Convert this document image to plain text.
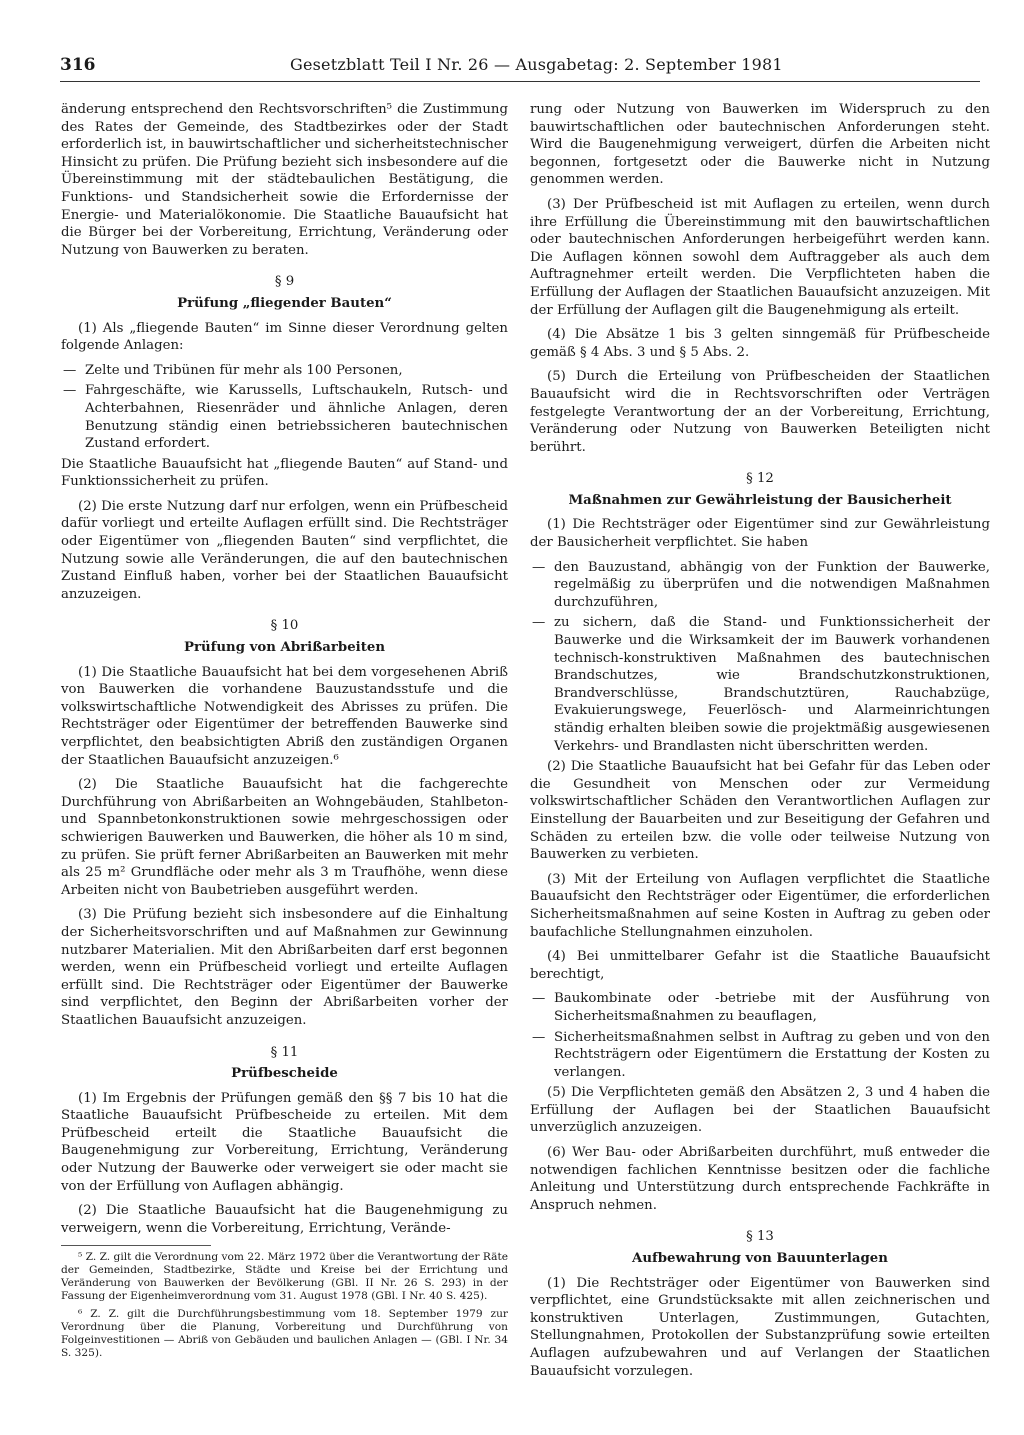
316	Gesetzblatt Teil I Nr. 26 — Ausgabetag: 2. September 1981

änderung entsprechend den Rechtsvorschriften⁵ die Zustimmung des Rates der Gemeinde, des Stadtbezirkes oder der Stadt erforderlich ist, in bauwirtschaftlicher und sicherheitstechnischer Hinsicht zu prüfen. Die Prüfung bezieht sich insbesondere auf die Übereinstimmung mit der städtebaulichen Bestätigung, die Funktions- und Standsicherheit sowie die Erfordernisse der Energie- und Materialökonomie. Die Staatliche Bauaufsicht hat die Bürger bei der Vorbereitung, Errichtung, Veränderung oder Nutzung von Bauwerken zu beraten.

§ 9
Prüfung „fliegender Bauten“

(1) Als „fliegende Bauten“ im Sinne dieser Verordnung gelten folgende Anlagen:

— Zelte und Tribünen für mehr als 100 Personen,
— Fahrgeschäfte, wie Karussells, Luftschaukeln, Rutsch- und Achterbahnen, Riesenräder und ähnliche Anlagen, deren Benutzung ständig einen betriebssicheren bautechnischen Zustand erfordert.

Die Staatliche Bauaufsicht hat „fliegende Bauten“ auf Stand- und Funktionssicherheit zu prüfen.

(2) Die erste Nutzung darf nur erfolgen, wenn ein Prüfbescheid dafür vorliegt und erteilte Auflagen erfüllt sind. Die Rechtsträger oder Eigentümer von „fliegenden Bauten“ sind verpflichtet, die Nutzung sowie alle Veränderungen, die auf den bautechnischen Zustand Einfluß haben, vorher bei der Staatlichen Bauaufsicht anzuzeigen.

§ 10
Prüfung von Abrißarbeiten

(1) Die Staatliche Bauaufsicht hat bei dem vorgesehenen Abriß von Bauwerken die vorhandene Bauzustandsstufe und die volkswirtschaftliche Notwendigkeit des Abrisses zu prüfen. Die Rechtsträger oder Eigentümer der betreffenden Bauwerke sind verpflichtet, den beabsichtigten Abriß den zuständigen Organen der Staatlichen Bauaufsicht anzuzeigen.⁶

(2) Die Staatliche Bauaufsicht hat die fachgerechte Durchführung von Abrißarbeiten an Wohngebäuden, Stahlbeton- und Spannbetonkonstruktionen sowie mehrgeschossigen oder schwierigen Bauwerken und Bauwerken, die höher als 10 m sind, zu prüfen. Sie prüft ferner Abrißarbeiten an Bauwerken mit mehr als 25 m² Grundfläche oder mehr als 3 m Traufhöhe, wenn diese Arbeiten nicht von Baubetrieben ausgeführt werden.

(3) Die Prüfung bezieht sich insbesondere auf die Einhaltung der Sicherheitsvorschriften und auf Maßnahmen zur Gewinnung nutzbarer Materialien. Mit den Abrißarbeiten darf erst begonnen werden, wenn ein Prüfbescheid vorliegt und erteilte Auflagen erfüllt sind. Die Rechtsträger oder Eigentümer der Bauwerke sind verpflichtet, den Beginn der Abrißarbeiten vorher der Staatlichen Bauaufsicht anzuzeigen.

§ 11
Prüfbescheide

(1) Im Ergebnis der Prüfungen gemäß den §§ 7 bis 10 hat die Staatliche Bauaufsicht Prüfbescheide zu erteilen. Mit dem Prüfbescheid erteilt die Staatliche Bauaufsicht die Baugenehmigung zur Vorbereitung, Errichtung, Veränderung oder Nutzung der Bauwerke oder verweigert sie oder macht sie von der Erfüllung von Auflagen abhängig.

(2) Die Staatliche Bauaufsicht hat die Baugenehmigung zu verweigern, wenn die Vorbereitung, Errichtung, Verände-

⁵ Z. Z. gilt die Verordnung vom 22. März 1972 über die Verantwortung der Räte der Gemeinden, Stadtbezirke, Städte und Kreise bei der Errichtung und Veränderung von Bauwerken der Bevölkerung (GBl. II Nr. 26 S. 293) in der Fassung der Eigenheimverordnung vom 31. August 1978 (GBl. I Nr. 40 S. 425).

⁶ Z. Z. gilt die Durchführungsbestimmung vom 18. September 1979 zur Verordnung über die Planung, Vorbereitung und Durchführung von Folgeinvestitionen — Abriß von Gebäuden und baulichen Anlagen — (GBl. I Nr. 34 S. 325).

rung oder Nutzung von Bauwerken im Widerspruch zu den bauwirtschaftlichen oder bautechnischen Anforderungen steht. Wird die Baugenehmigung verweigert, dürfen die Arbeiten nicht begonnen, fortgesetzt oder die Bauwerke nicht in Nutzung genommen werden.

(3) Der Prüfbescheid ist mit Auflagen zu erteilen, wenn durch ihre Erfüllung die Übereinstimmung mit den bauwirtschaftlichen oder bautechnischen Anforderungen herbeigeführt werden kann. Die Auflagen können sowohl dem Auftraggeber als auch dem Auftragnehmer erteilt werden. Die Verpflichteten haben die Erfüllung der Auflagen der Staatlichen Bauaufsicht anzuzeigen. Mit der Erfüllung der Auflagen gilt die Baugenehmigung als erteilt.

(4) Die Absätze 1 bis 3 gelten sinngemäß für Prüfbescheide gemäß § 4 Abs. 3 und § 5 Abs. 2.

(5) Durch die Erteilung von Prüfbescheiden der Staatlichen Bauaufsicht wird die in Rechtsvorschriften oder Verträgen festgelegte Verantwortung der an der Vorbereitung, Errichtung, Veränderung oder Nutzung von Bauwerken Beteiligten nicht berührt.

§ 12
Maßnahmen zur Gewährleistung der Bausicherheit

(1) Die Rechtsträger oder Eigentümer sind zur Gewährleistung der Bausicherheit verpflichtet. Sie haben

— den Bauzustand, abhängig von der Funktion der Bauwerke, regelmäßig zu überprüfen und die notwendigen Maßnahmen durchzuführen,
— zu sichern, daß die Stand- und Funktionssicherheit der Bauwerke und die Wirksamkeit der im Bauwerk vorhandenen technisch-konstruktiven Maßnahmen des bautechnischen Brandschutzes, wie Brandschutzkonstruktionen, Brandverschlüsse, Brandschutztüren, Rauchabzüge, Evakuierungswege, Feuerlösch- und Alarmeinrichtungen ständig erhalten bleiben sowie die projektmäßig ausgewiesenen Verkehrs- und Brandlasten nicht überschritten werden.

(2) Die Staatliche Bauaufsicht hat bei Gefahr für das Leben oder die Gesundheit von Menschen oder zur Vermeidung volkswirtschaftlicher Schäden den Verantwortlichen Auflagen zur Einstellung der Bauarbeiten und zur Beseitigung der Gefahren und Schäden zu erteilen bzw. die volle oder teilweise Nutzung von Bauwerken zu verbieten.

(3) Mit der Erteilung von Auflagen verpflichtet die Staatliche Bauaufsicht den Rechtsträger oder Eigentümer, die erforderlichen Sicherheitsmaßnahmen auf seine Kosten in Auftrag zu geben oder baufachliche Stellungnahmen einzuholen.

(4) Bei unmittelbarer Gefahr ist die Staatliche Bauaufsicht berechtigt,

— Baukombinate oder -betriebe mit der Ausführung von Sicherheitsmaßnahmen zu beauflagen,
— Sicherheitsmaßnahmen selbst in Auftrag zu geben und von den Rechtsträgern oder Eigentümern die Erstattung der Kosten zu verlangen.

(5) Die Verpflichteten gemäß den Absätzen 2, 3 und 4 haben die Erfüllung der Auflagen bei der Staatlichen Bauaufsicht unverzüglich anzuzeigen.

(6) Wer Bau- oder Abrißarbeiten durchführt, muß entweder die notwendigen fachlichen Kenntnisse besitzen oder die fachliche Anleitung und Unterstützung durch entsprechende Fachkräfte in Anspruch nehmen.

§ 13
Aufbewahrung von Bauunterlagen

(1) Die Rechtsträger oder Eigentümer von Bauwerken sind verpflichtet, eine Grundstücksakte mit allen zeichnerischen und konstruktiven Unterlagen, Zustimmungen, Gutachten, Stellungnahmen, Protokollen der Substanzprüfung sowie erteilten Auflagen aufzubewahren und auf Verlangen der Staatlichen Bauaufsicht vorzulegen.
